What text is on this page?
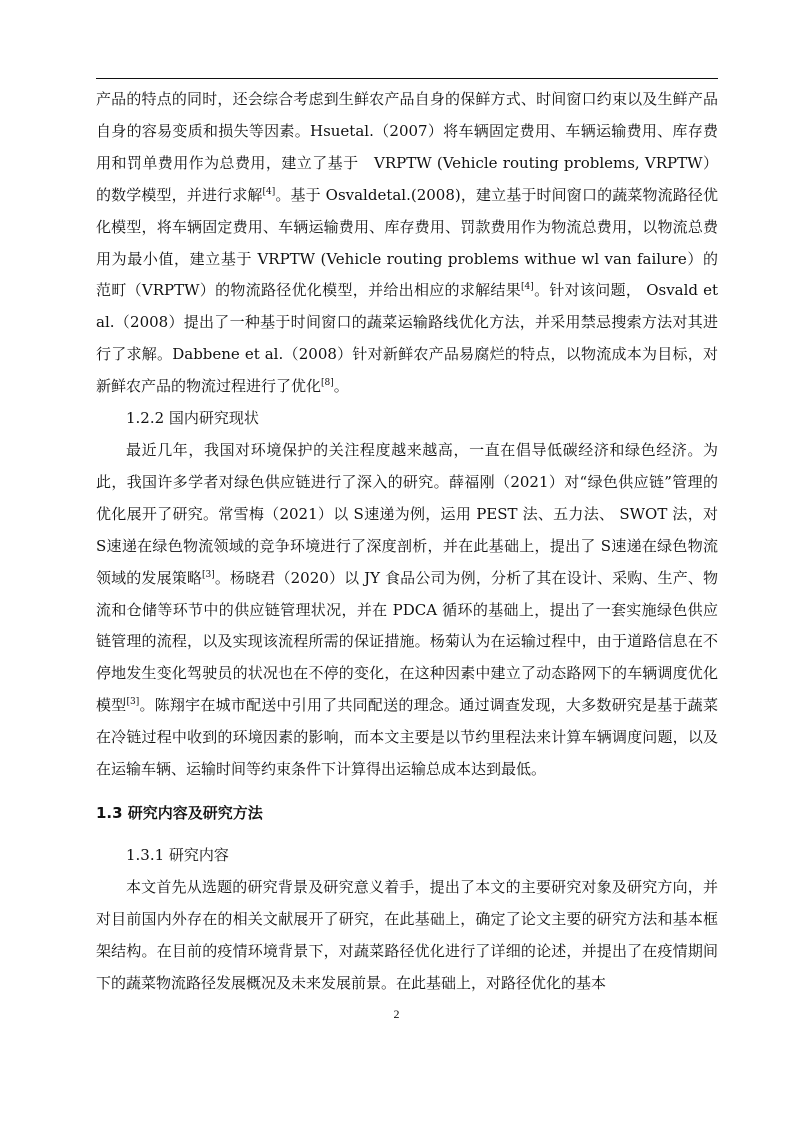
产品的特点的同时，还会综合考虑到生鲜农产品自身的保鲜方式、时间窗口约束以及生鲜产品自身的容易变质和损失等因素。Hsuetal.（2007）将车辆固定费用、车辆运输费用、库存费用和罚单费用作为总费用，建立了基于　VRPTW (Vehicle routing problems, VRPTW）的数学模型，并进行求解[4]。基于 Osvaldetal.(2008)，建立基于时间窗口的蔬菜物流路径优化模型，将车辆固定费用、车辆运输费用、库存费用、罚款费用作为物流总费用，以物流总费用为最小值，建立基于 VRPTW (Vehicle routing problems withue wl van failure）的 范町（VRPTW）的物流路径优化模型，并给出相应的求解结果[4]。针对该问题， Osvald et al.（2008）提出了一种基于时间窗口的蔬菜运输路线优化方法，并采用禁忌搜索方法对其进行了求解。Dabbene et al.（2008）针对新鲜农产品易腐烂的特点，以物流成本为目标，对新鲜农产品的物流过程进行了优化[8]。

1.2.2 国内研究现状

最近几年，我国对环境保护的关注程度越来越高，一直在倡导低碳经济和绿色经济。为此，我国许多学者对绿色供应链进行了深入的研究。薛福刚（2021）对“绿色供应链”管理的优化展开了研究。常雪梅（2021）以 S速递为例，运用 PEST 法、五力法、 SWOT 法，对 S速递在绿色物流领域的竞争环境进行了深度剖析，并在此基础上，提出了 S速递在绿色物流领域的发展策略[3]。杨晓君（2020）以 JY 食品公司为例，分析了其在设计、采购、生产、物流和仓储等环节中的供应链管理状况，并在 PDCA 循环的基础上，提出了一套实施绿色供应链管理的流程，以及实现该流程所需的保证措施。杨菊认为在运输过程中，由于道路信息在不停地发生变化驾驶员的状况也在不停的变化，在这种因素中建立了动态路网下的车辆调度优化模型[3]。陈翔宇在城市配送中引用了共同配送的理念。通过调查发现，大多数研究是基于蔬菜在冷链过程中收到的环境因素的影响，而本文主要是以节约里程法来计算车辆调度问题，以及在运输车辆、运输时间等约束条件下计算得出运输总成本达到最低。

1.3 研究内容及研究方法

1.3.1 研究内容

本文首先从选题的研究背景及研究意义着手，提出了本文的主要研究对象及研究方向，并对目前国内外存在的相关文献展开了研究，在此基础上，确定了论文主要的研究方法和基本框架结构。在目前的疫情环境背景下，对蔬菜路径优化进行了详细的论述，并提出了在疫情期间下的蔬菜物流路径发展概况及未来发展前景。在此基础上，对路径优化的基本

2
